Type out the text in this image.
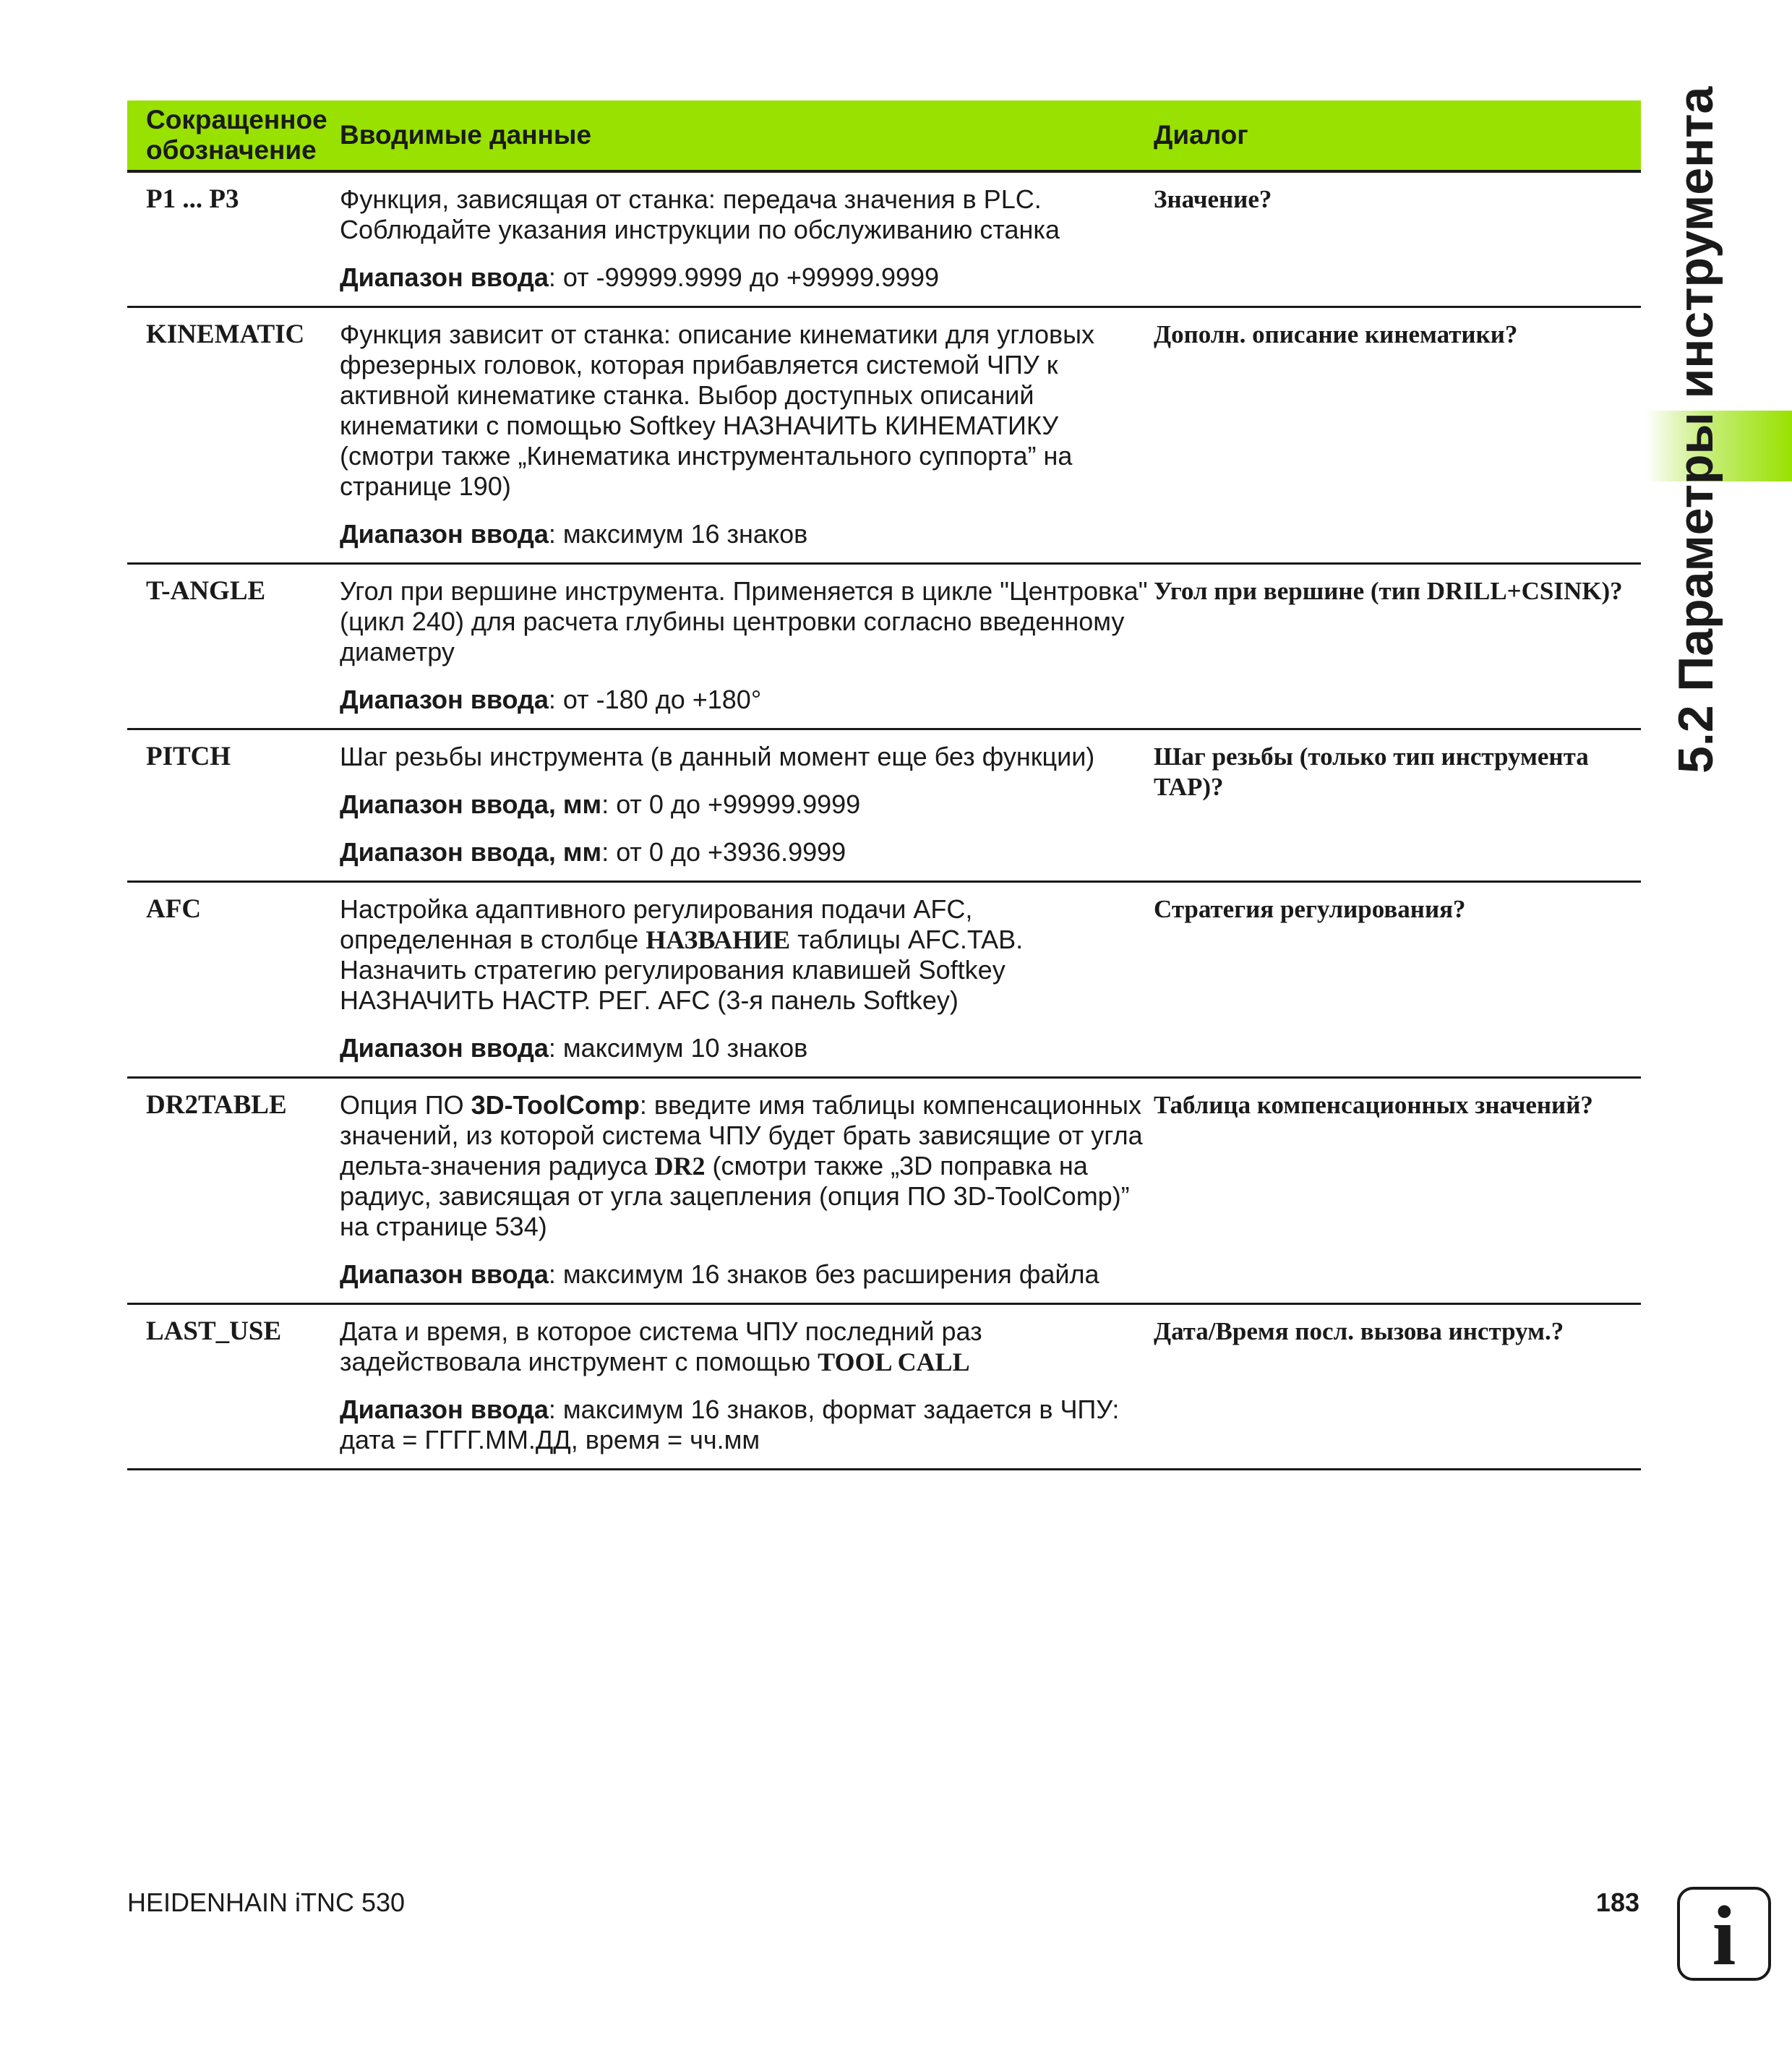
Сокращенное обозначение	Вводимые данные	Диалог
P1 ... P3	Функция, зависящая от станка: передача значения в PLC. Соблюдайте указания инструкции по обслуживанию станка

Диапазон ввода: от -99999.9999 до +99999.9999	Значение?
KINEMATIC	Функция зависит от станка: описание кинематики для угловых фрезерных головок, которая прибавляется системой ЧПУ к активной кинематике станка. Выбор доступных описаний кинематики с помощью Softkey НАЗНАЧИТЬ КИНЕМАТИКУ (смотри также „Кинематика инструментального суппорта” на странице 190)

Диапазон ввода: максимум 16 знаков	Дополн. описание кинематики?
T-ANGLE	Угол при вершине инструмента. Применяется в цикле "Центровка" (цикл 240) для расчета глубины центровки согласно введенному диаметру

Диапазон ввода: от -180 до +180°	Угол при вершине (тип DRILL+CSINK)?
PITCH	Шаг резьбы инструмента (в данный момент еще без функции)

Диапазон ввода, мм: от 0 до +99999.9999

Диапазон ввода, мм: от 0 до +3936.9999	Шаг резьбы (только тип инструмента TAP)?
AFC	Настройка адаптивного регулирования подачи AFC, определенная в столбце НАЗВАНИЕ таблицы AFC.TAB. Назначить стратегию регулирования клавишей Softkey НАЗНАЧИТЬ НАСТР. РЕГ. AFC (3-я панель Softkey)

Диапазон ввода: максимум 10 знаков	Стратегия регулирования?
DR2TABLE	Опция ПО 3D-ToolComp: введите имя таблицы компенсационных значений, из которой система ЧПУ будет брать зависящие от угла дельта-значения радиуса DR2 (смотри также „3D поправка на радиус, зависящая от угла зацепления (опция ПО 3D-ToolComp)” на странице 534)

Диапазон ввода: максимум 16 знаков без расширения файла	Таблица компенсационных значений?
LAST_USE	Дата и время, в которое система ЧПУ последний раз задействовала инструмент с помощью TOOL CALL

Диапазон ввода: максимум 16 знаков, формат задается в ЧПУ: дата = ГГГГ.ММ.ДД, время = чч.мм	Дата/Время посл. вызова инструм.?
5.2 Параметры инструмента
HEIDENHAIN iTNC 530	183 i
